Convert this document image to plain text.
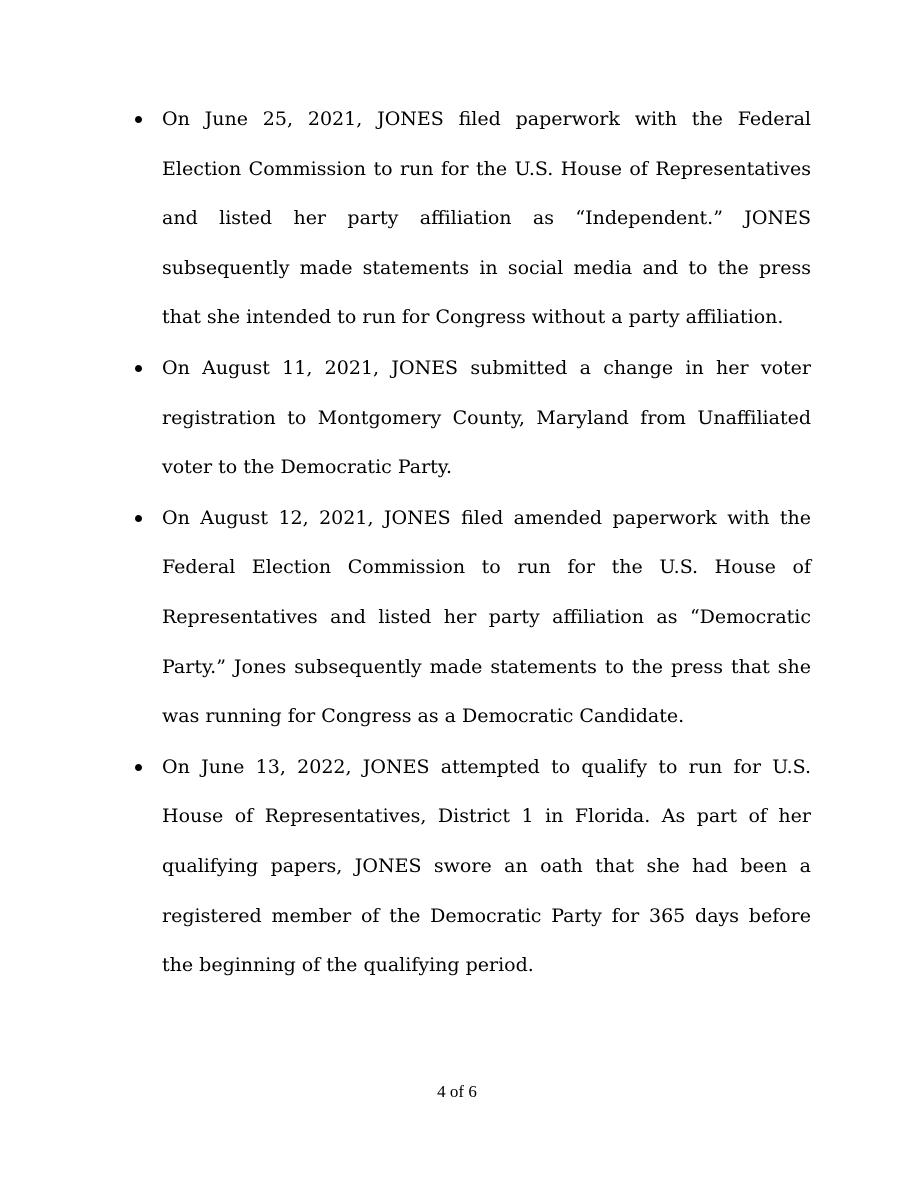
On June 25, 2021, JONES filed paperwork with the Federal Election Commission to run for the U.S. House of Representatives and listed her party affiliation as “Independent.” JONES subsequently made statements in social media and to the press that she intended to run for Congress without a party affiliation.
On August 11, 2021, JONES submitted a change in her voter registration to Montgomery County, Maryland from Unaffiliated voter to the Democratic Party.
On August 12, 2021, JONES filed amended paperwork with the Federal Election Commission to run for the U.S. House of Representatives and listed her party affiliation as “Democratic Party.” Jones subsequently made statements to the press that she was running for Congress as a Democratic Candidate.
On June 13, 2022, JONES attempted to qualify to run for U.S. House of Representatives, District 1 in Florida. As part of her qualifying papers, JONES swore an oath that she had been a registered member of the Democratic Party for 365 days before the beginning of the qualifying period.
4 of 6
